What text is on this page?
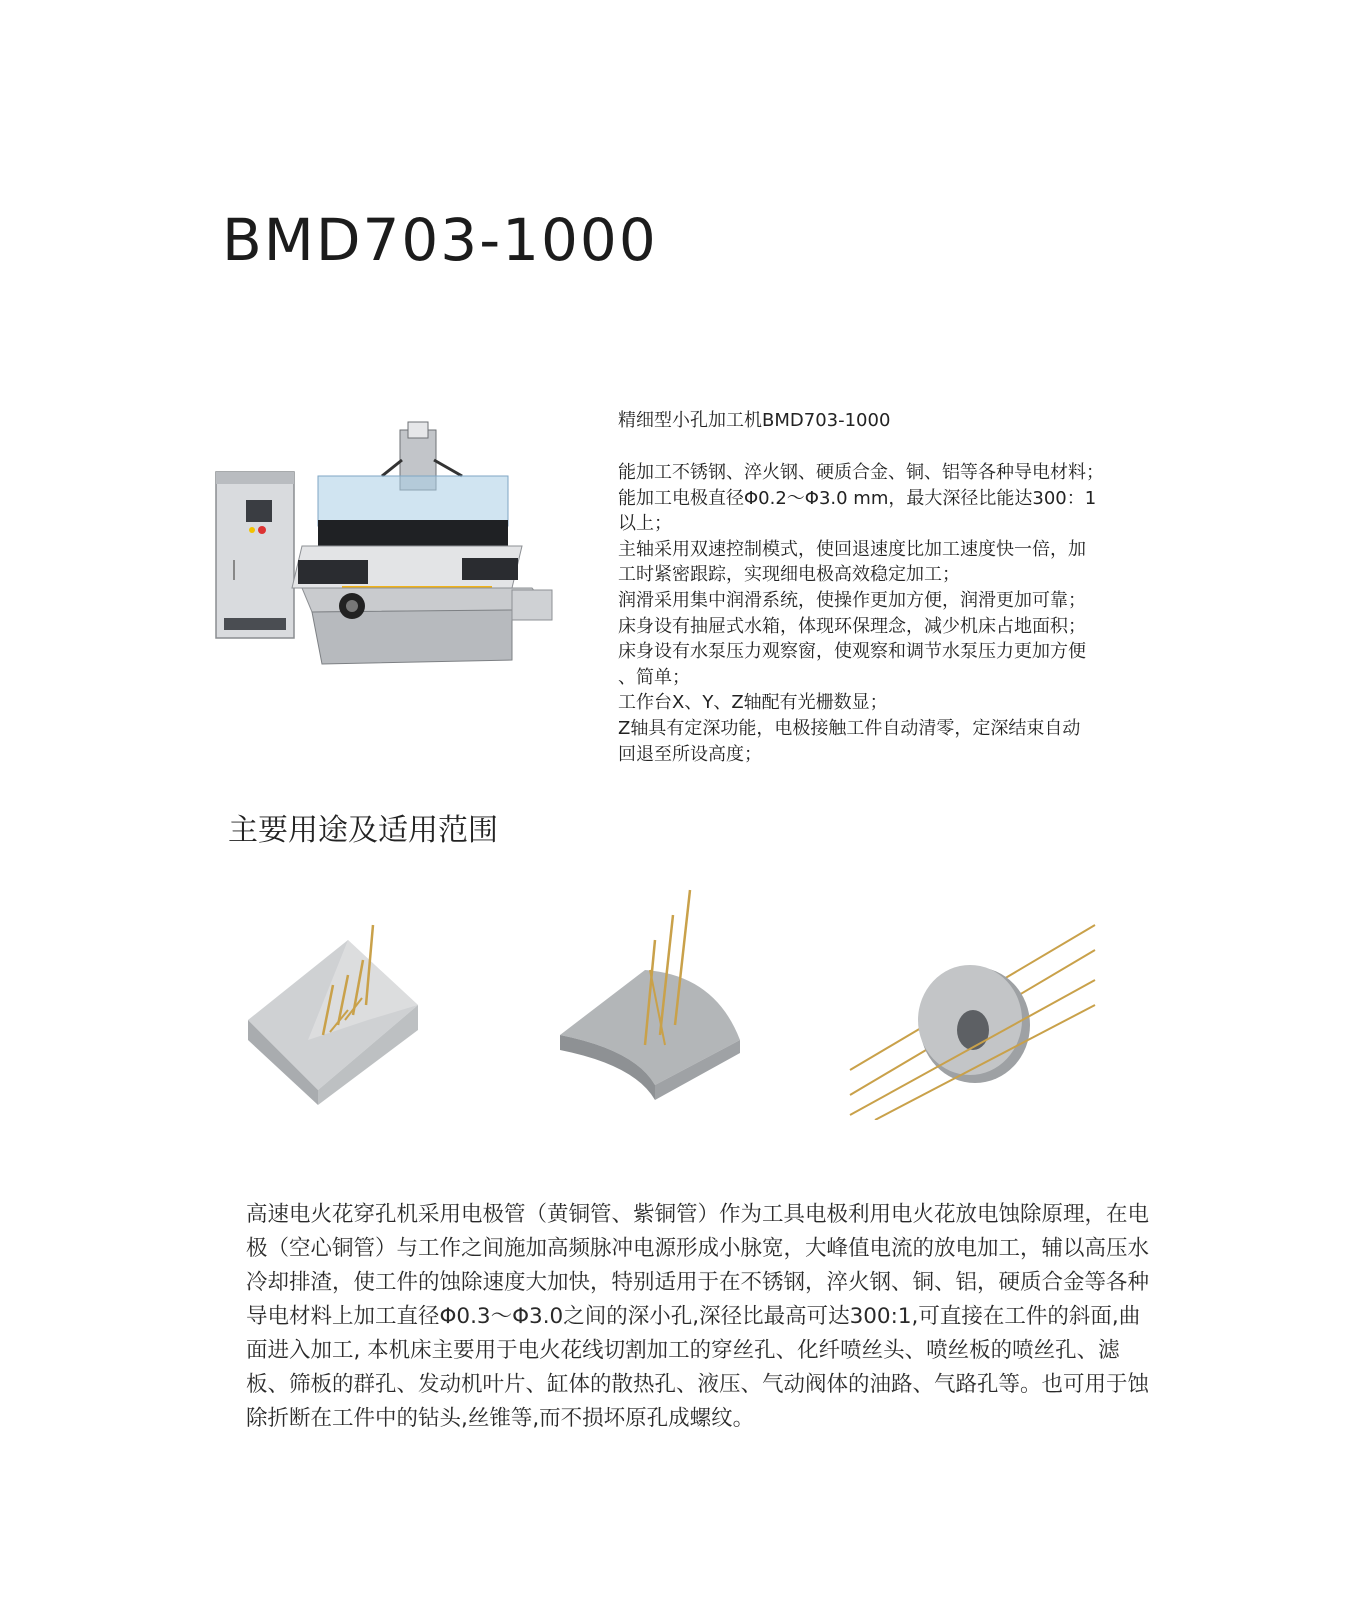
BMD703-1000
精细型小孔加工机BMD703-1000
能加工不锈钢、淬火钢、硬质合金、铜、铝等各种导电材料；
能加工电极直径Φ0.2～Φ3.0 mm，最大深径比能达300：1
以上；
主轴采用双速控制模式，使回退速度比加工速度快一倍，加
工时紧密跟踪，实现细电极高效稳定加工；
润滑采用集中润滑系统，使操作更加方便，润滑更加可靠；
床身设有抽屉式水箱，体现环保理念，减少机床占地面积；
床身设有水泵压力观察窗，使观察和调节水泵压力更加方便
、简单；
工作台X、Y、Z轴配有光栅数显；
Z轴具有定深功能，电极接触工件自动清零，定深结束自动
回退至所设高度；
主要用途及适用范围

高速电火花穿孔机采用电极管（黄铜管、紫铜管）作为工具电极利用电火花放电蚀除原理，在电极（空心铜管）与工作之间施加高频脉冲电源形成小脉宽，大峰值电流的放电加工，辅以高压水冷却排渣，使工件的蚀除速度大加快，特别适用于在不锈钢，淬火钢、铜、铝，硬质合金等各种导电材料上加工直径Φ0.3～Φ3.0之间的深小孔,深径比最高可达300:1,可直接在工件的斜面,曲面进入加工, 本机床主要用于电火花线切割加工的穿丝孔、化纤喷丝头、喷丝板的喷丝孔、滤板、筛板的群孔、发动机叶片、缸体的散热孔、液压、气动阀体的油路、气路孔等。也可用于蚀除折断在工件中的钻头,丝锥等,而不损坏原孔成螺纹。
